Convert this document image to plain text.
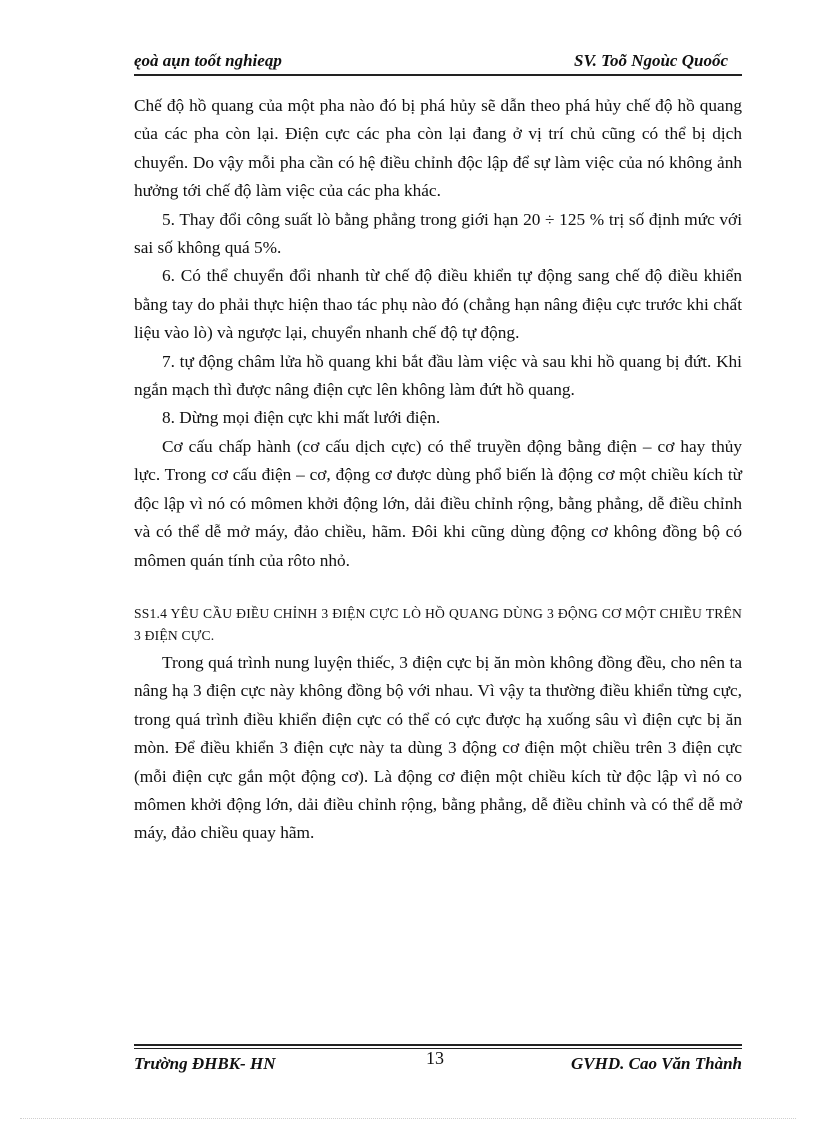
ęoà aụn toốt nghieąp	SV. Toõ Ngoùc Quoốc

Chế độ hồ quang của một pha nào đó bị phá hủy sẽ dẫn theo phá hủy chế độ hồ quang của các pha còn lại. Điện cực các pha còn lại đang ở vị trí chủ cũng có thể bị dịch chuyển. Do vậy mỗi pha cần có hệ điều chỉnh độc lập để sự làm việc của nó không ảnh hưởng tới chế độ làm việc của các pha khác.

5. Thay đổi công suất lò bằng phẳng trong giới hạn 20 ÷ 125 % trị số định mức với sai số không quá 5%.

6. Có thể chuyển đổi nhanh từ chế độ điều khiển tự động sang chế độ điều khiển bằng tay do phải thực hiện thao tác phụ nào đó (chẳng hạn nâng điệu cực trước khi chất liệu vào lò) và ngược lại, chuyển nhanh chế độ tự động.

7. tự động châm lửa hồ quang khi bắt đầu làm việc và sau khi hồ quang bị đứt. Khi ngắn mạch thì được nâng điện cực lên không làm đứt hồ quang.

8. Dừng mọi điện cực khi mất lưới điện.

Cơ cấu chấp hành (cơ cấu dịch cực) có thể truyền động bằng điện – cơ hay thủy lực. Trong cơ cấu điện – cơ, động cơ được dùng phổ biến là động cơ một chiều kích từ độc lập vì nó có mômen khởi động lớn, dải điều chỉnh rộng, bằng phẳng, dễ điều chỉnh và có thể dễ mở máy, đảo chiều, hãm. Đôi khi cũng dùng động cơ không đồng bộ có mômen quán tính của rôto nhỏ.

SS1.4 YÊU CẦU ĐIỀU CHỈNH 3 ĐIỆN CỰC LÒ HỒ QUANG DÙNG 3 ĐỘNG CƠ MỘT CHIỀU TRÊN 3 ĐIỆN CỰC.

Trong quá trình nung luyện thiếc, 3 điện cực bị ăn mòn không đồng đều, cho nên ta nâng hạ 3 điện cực này không đồng bộ với nhau. Vì vậy ta thường điều khiển từng cực, trong quá trình điều khiển điện cực có thể có cực được hạ xuống sâu vì điện cực bị ăn mòn. Để điều khiển 3 điện cực này ta dùng 3 động cơ điện một chiều trên 3 điện cực (mỗi điện cực gắn một động cơ). Là động cơ điện một chiều kích từ độc lập vì nó co mômen khởi động lớn, dải điều chỉnh rộng, bằng phẳng, dễ điều chỉnh và có thể dễ mở máy, đảo chiều quay hãm.

Trường ĐHBK- HN	13	GVHD. Cao Văn Thành
